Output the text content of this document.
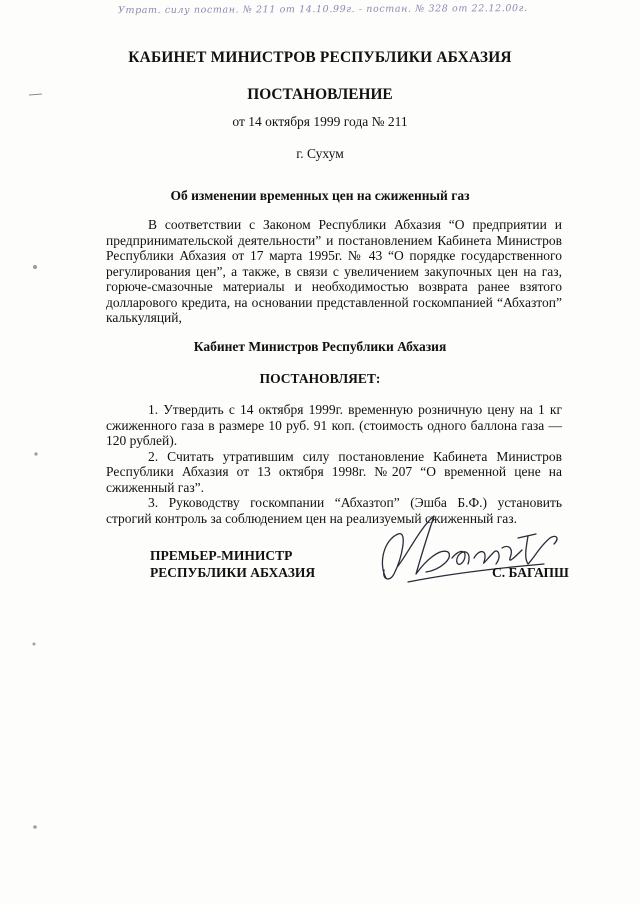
Утрат. силу постан. № 211 от 14.10.99г. - постан. № 328 от 22.12.00г.
КАБИНЕТ МИНИСТРОВ РЕСПУБЛИКИ АБХАЗИЯ
ПОСТАНОВЛЕНИЕ
от 14 октября 1999 года № 211
г. Сухум
Об изменении временных цен на сжиженный газ
В соответствии с Законом Республики Абхазия “О предприятии и предпринимательской деятельности” и постановлением Кабинета Министров Республики Абхазия от 17 марта 1995г. № 43 “О порядке государственного регулирования цен”, а также, в связи с увеличением закупочных цен на газ, горюче-смазочные материалы и необходимостью возврата ранее взятого долларового кредита, на основании представленной госкомпанией “Абхазтоп” калькуляций,
Кабинет Министров Республики Абхазия
ПОСТАНОВЛЯЕТ:

1. Утвердить с 14 октября 1999г. временную розничную цену на 1 кг сжиженного газа в размере 10 руб. 91 коп. (стоимость одного баллона газа — 120 рублей).

2. Считать утратившим силу постановление Кабинета Министров Республики Абхазия от 13 октября 1998г. №207 “О временной цене на сжиженный газ”.

3. Руководству госкомпании “Абхазтоп” (Эшба Б.Ф.) установить строгий контроль за соблюдением цен на реализуемый сжиженный газ.

ПРЕМЬЕР-МИНИСТР
РЕСПУБЛИКИ АБХАЗИЯ	С. БАГАПШ
